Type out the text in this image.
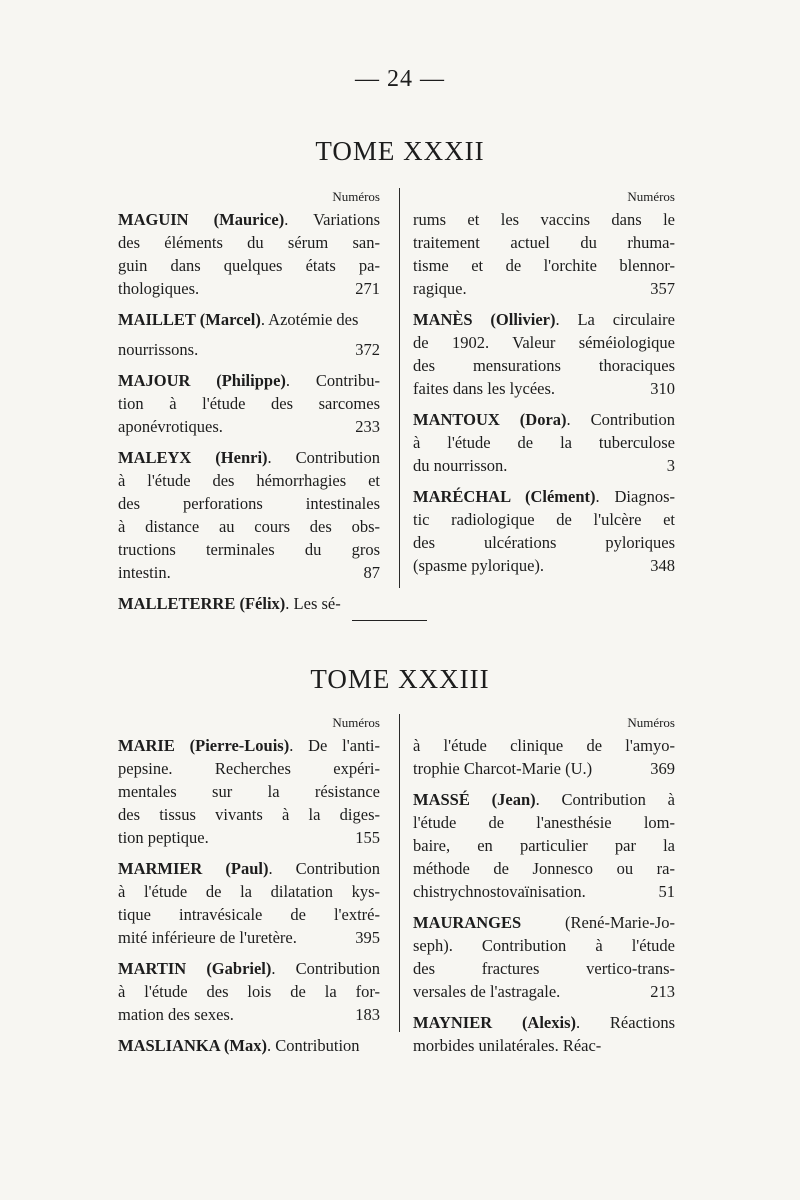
— 24 —
TOME XXXII
Numéros
MAGUIN (Maurice). Variations
des éléments du sérum san-
guin dans quelques états pa-
thologiques.	271
MAILLET (Marcel). Azotémie des
nourrissons.	372
MAJOUR (Philippe). Contribu-
tion à l'étude des sarcomes
aponévrotiques.	233
MALEYX (Henri). Contribution
à l'étude des hémorrhagies et
des perforations intestinales
à distance au cours des obs-
tructions terminales du gros
intestin.	87
MALLETERRE (Félix). Les sé-
Numéros
rums et les vaccins dans le
traitement actuel du rhuma-
tisme et de l'orchite blennor-
ragique.	357
MANÈS (Ollivier). La circulaire
de 1902. Valeur séméiologique
des mensurations thoraciques
faites dans les lycées.	310
MANTOUX (Dora). Contribution
à l'étude de la tuberculose
du nourrisson.	3
MARÉCHAL (Clément). Diagnos-
tic radiologique de l'ulcère et
des ulcérations pyloriques
(spasme pylorique).	348
TOME XXXIII
Numéros
MARIE (Pierre-Louis). De l'anti-
pepsine. Recherches expéri-
mentales sur la résistance
des tissus vivants à la diges-
tion peptique.	155
MARMIER (Paul). Contribution
à l'étude de la dilatation kys-
tique intravésicale de l'extré-
mité inférieure de l'uretère.	395
MARTIN (Gabriel). Contribution
à l'étude des lois de la for-
mation des sexes.	183
MASLIANKA (Max). Contribution
Numéros
à l'étude clinique de l'amyo-
trophie Charcot-Marie (U.)	369
MASSÉ (Jean). Contribution à
l'étude de l'anesthésie lom-
baire, en particulier par la
méthode de Jonnesco ou ra-
chistrychnostovaïnisation.	51
MAURANGES (René-Marie-Jo-
seph). Contribution à l'étude
des fractures vertico-trans-
versales de l'astragale.	213
MAYNIER (Alexis). Réactions
morbides unilatérales. Réac-
